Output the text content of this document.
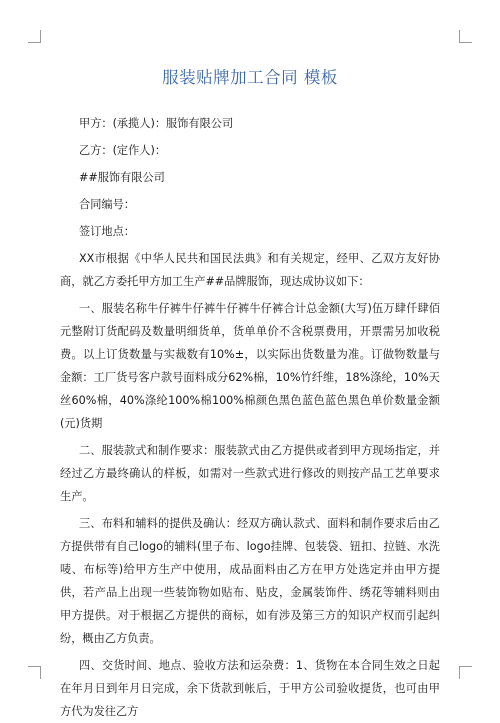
服装贴牌加工合同 模板
甲方：(承揽人)：服饰有限公司
乙方：(定作人)：
##服饰有限公司
合同编号：
签订地点：

XX市根据《中华人民共和国民法典》和有关规定，经甲、乙双方友好协商，就乙方委托甲方加工生产##品牌服饰，现达成协议如下：

一、服装名称牛仔裤牛仔裤牛仔裤牛仔裤合计总金额(大写)伍万肆仟肆佰元整附订货配码及数量明细货单，货单单价不含税票费用，开票需另加收税费。以上订货数量与实裁数有10%±，以实际出货数量为准。订做物数量与金额：工厂货号客户款号面料成分62%棉，10%竹纤维，18%涤纶，10%天丝60%棉，40%涤纶100%棉100%棉颜色黑色蓝色蓝色黑色单价数量金额(元)货期

二、服装款式和制作要求：服装款式由乙方提供或者到甲方现场指定，并经过乙方最终确认的样板，如需对一些款式进行修改的则按产品工艺单要求生产。

三、布料和辅料的提供及确认：经双方确认款式、面料和制作要求后由乙方提供带有自己logo的辅料(里子布、logo挂牌、包装袋、钮扣、拉链、水洗唛、布标等)给甲方生产中使用，成品面料由乙方在甲方处选定并由甲方提供，若产品上出现一些装饰物如贴布、贴皮，金属装饰件、绣花等辅料则由甲方提供。对于根据乙方提供的商标，如有涉及第三方的知识产权而引起纠纷，概由乙方负责。

四、交货时间、地点、验收方法和运杂费：1、货物在本合同生效之日起在年月日到年月日完成，余下货款到帐后，于甲方公司验收提货，也可由甲方代为发往乙方
